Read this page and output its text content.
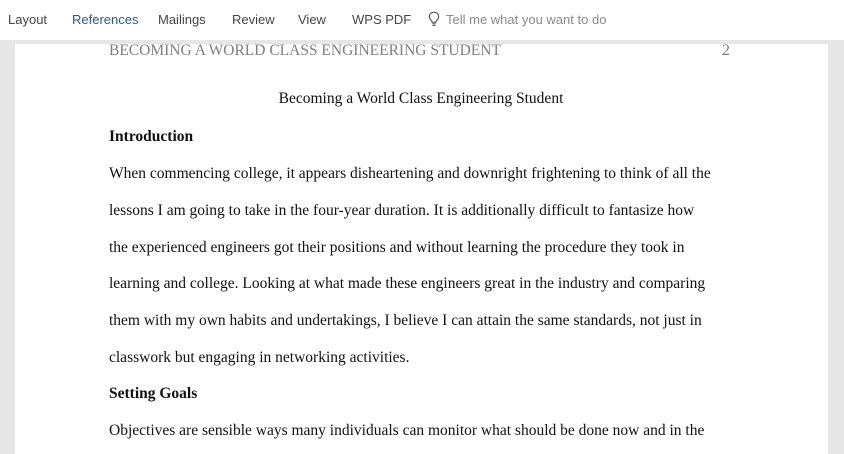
Layout References Mailings Review View WPS PDF	Tell me what you want to do
BECOMING A WORLD CLASS ENGINEERING STUDENT	2
Becoming a World Class Engineering Student
Introduction
When commencing college, it appears disheartening and downright frightening to think of all the
lessons I am going to take in the four-year duration. It is additionally difficult to fantasize how
the experienced engineers got their positions and without learning the procedure they took in
learning and college. Looking at what made these engineers great in the industry and comparing
them with my own habits and undertakings, I believe I can attain the same standards, not just in
classwork but engaging in networking activities.
Setting Goals
Objectives are sensible ways many individuals can monitor what should be done now and in the
